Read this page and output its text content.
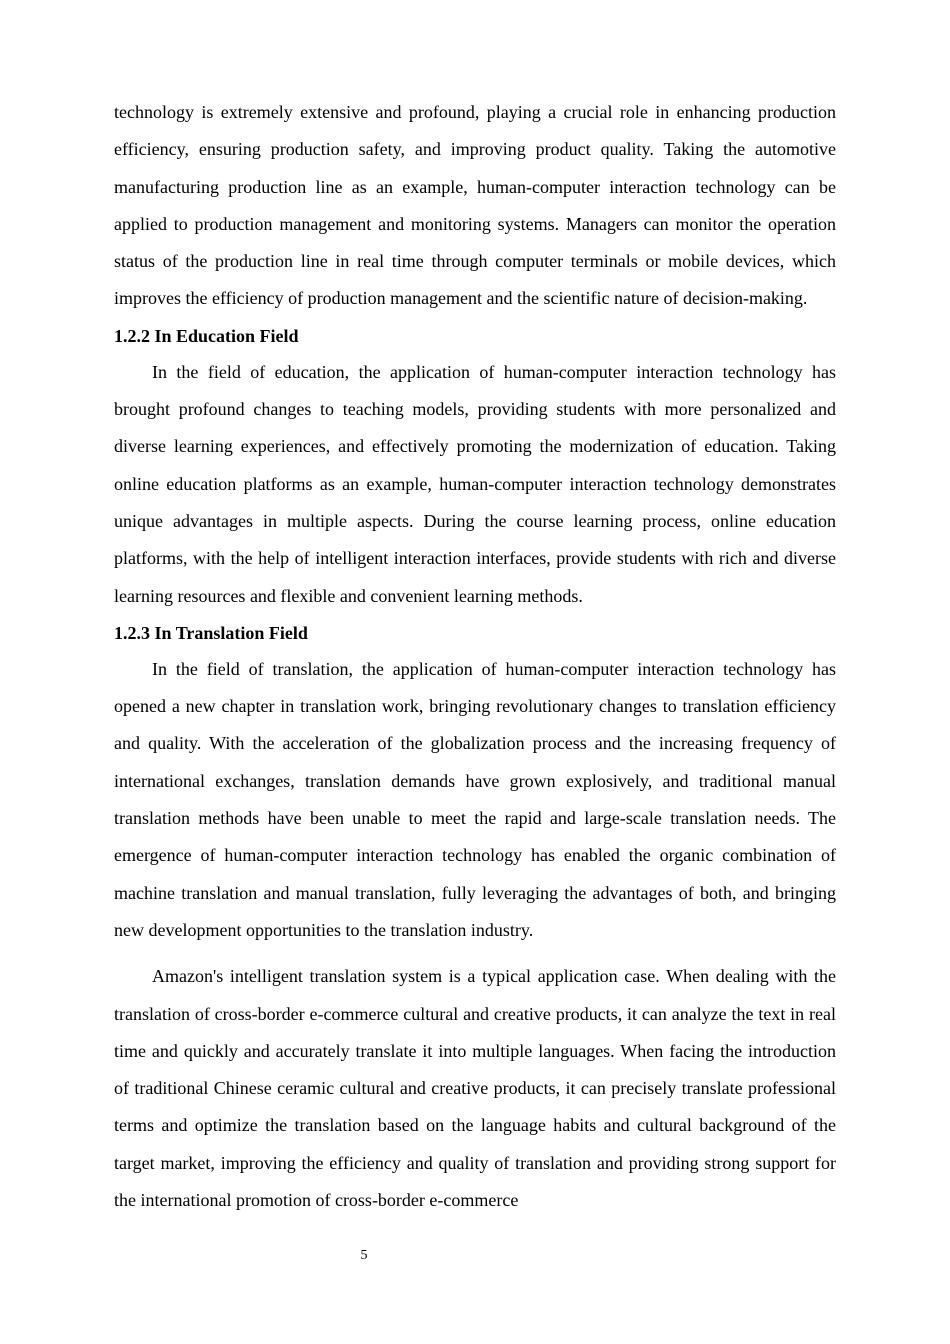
technology is extremely extensive and profound, playing a crucial role in enhancing production efficiency, ensuring production safety, and improving product quality. Taking the automotive manufacturing production line as an example, human-computer interaction technology can be applied to production management and monitoring systems. Managers can monitor the operation status of the production line in real time through computer terminals or mobile devices, which improves the efficiency of production management and the scientific nature of decision-making.

1.2.2 In Education Field

In the field of education, the application of human-computer interaction technology has brought profound changes to teaching models, providing students with more personalized and diverse learning experiences, and effectively promoting the modernization of education. Taking online education platforms as an example, human-computer interaction technology demonstrates unique advantages in multiple aspects. During the course learning process, online education platforms, with the help of intelligent interaction interfaces, provide students with rich and diverse learning resources and flexible and convenient learning methods.

1.2.3 In Translation Field

In the field of translation, the application of human-computer interaction technology has opened a new chapter in translation work, bringing revolutionary changes to translation efficiency and quality. With the acceleration of the globalization process and the increasing frequency of international exchanges, translation demands have grown explosively, and traditional manual translation methods have been unable to meet the rapid and large-scale translation needs. The emergence of human-computer interaction technology has enabled the organic combination of machine translation and manual translation, fully leveraging the advantages of both, and bringing new development opportunities to the translation industry.

Amazon's intelligent translation system is a typical application case. When dealing with the translation of cross-border e-commerce cultural and creative products, it can analyze the text in real time and quickly and accurately translate it into multiple languages. When facing the introduction of traditional Chinese ceramic cultural and creative products, it can precisely translate professional terms and optimize the translation based on the language habits and cultural background of the target market, improving the efficiency and quality of translation and providing strong support for the international promotion of cross-border e-commerce

5
